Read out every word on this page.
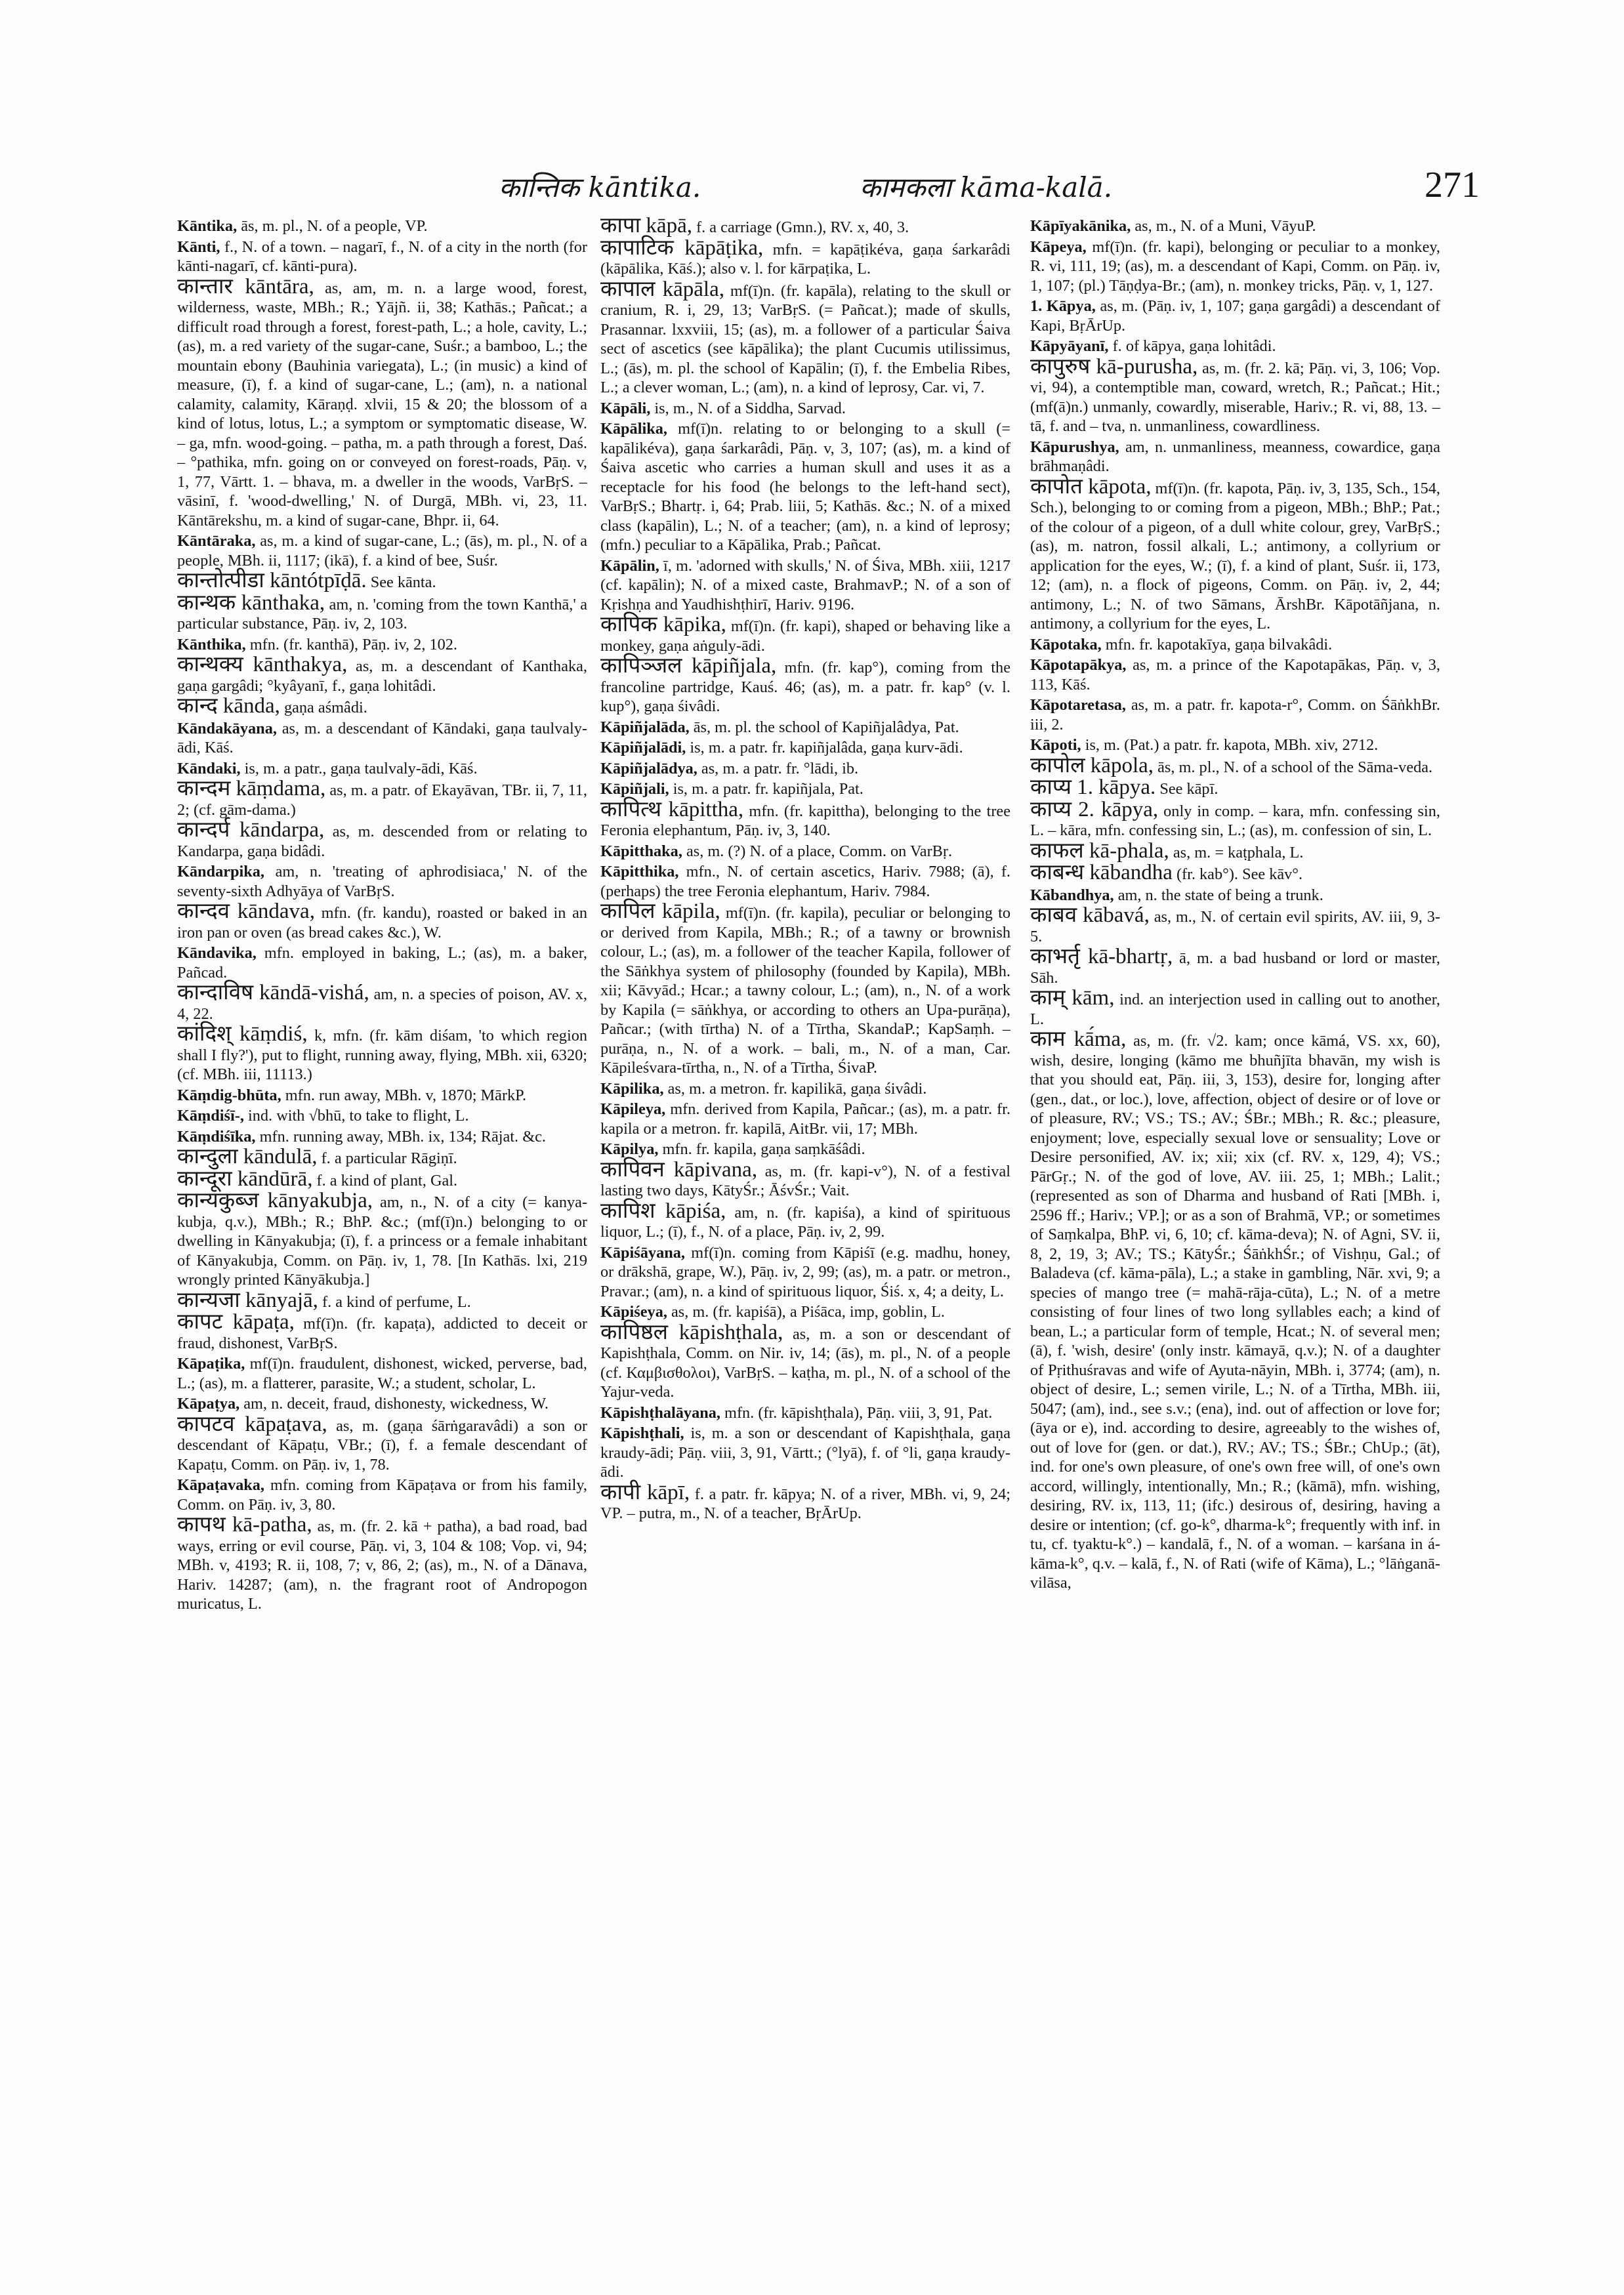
कान्तिक kāntika.	कामकला kāma-kalā.	271
Kāntika, ās, m. pl., N. of a people, VP.
Kānti, f., N. of a town. – nagarī, f., N. of a city in the north (for kānti-nagarī, cf. kānti-pura).
कान्तार kāntāra, as, am, m. n. a large wood, forest, wilderness, waste, MBh.; R.; Yājñ. ii, 38; Kathās.; Pañcat.; a difficult road through a forest, forest-path, L.; a hole, cavity, L.; (as), m. a red variety of the sugar-cane, Suśr.; a bamboo, L.; the mountain ebony (Bauhinia variegata), L.; (in music) a kind of measure, (ī), f. a kind of sugar-cane, L.; (am), n. a national calamity, calamity, Kāraṇḍ. xlvii, 15 & 20; the blossom of a kind of lotus, lotus, L.; a symptom or symptomatic disease, W. – ga, mfn. wood-going. – patha, m. a path through a forest, Daś. – °pathika, mfn. going on or conveyed on forest-roads, Pāṇ. v, 1, 77, Vārtt. 1. – bhava, m. a dweller in the woods, VarBṛS. – vāsinī, f. 'wood-dwelling,' N. of Durgā, MBh. vi, 23, 11. Kāntārekshu, m. a kind of sugar-cane, Bhpr. ii, 64.
Kāntāraka, as, m. a kind of sugar-cane, L.; (ās), m. pl., N. of a people, MBh. ii, 1117; (ikā), f. a kind of bee, Suśr.
कान्तोत्पीडा kāntótpīḍā. See kānta.
कान्थक kānthaka, am, n. 'coming from the town Kanthā,' a particular substance, Pāṇ. iv, 2, 103.
Kānthika, mfn. (fr. kanthā), Pāṇ. iv, 2, 102.
कान्थक्य kānthakya, as, m. a descendant of Kanthaka, gaṇa gargâdi; °kyâyanī, f., gaṇa lohitâdi.
कान्द kānda, gaṇa aśmâdi.
Kāndakāyana, as, m. a descendant of Kāndaki, gaṇa taulvaly-ādi, Kāś.
Kāndaki, is, m. a patr., gaṇa taulvaly-ādi, Kāś.
कान्दम kāṃdama, as, m. a patr. of Ekayāvan, TBr. ii, 7, 11, 2; (cf. gām-dama.)
कान्दर्प kāndarpa, as, m. descended from or relating to Kandarpa, gaṇa bidâdi.
Kāndarpika, am, n. 'treating of aphrodisiaca,' N. of the seventy-sixth Adhyāya of VarBṛS.
कान्दव kāndava, mfn. (fr. kandu), roasted or baked in an iron pan or oven (as bread cakes &c.), W.
Kāndavika, mfn. employed in baking, L.; (as), m. a baker, Pañcad.
कान्दाविष kāndā-vishá, am, n. a species of poison, AV. x, 4, 22.
कांदिश् kāṃdiś, k, mfn. (fr. kām diśam, 'to which region shall I fly?'), put to flight, running away, flying, MBh. xii, 6320; (cf. MBh. iii, 11113.)
Kāṃdig-bhūta, mfn. run away, MBh. v, 1870; MārkP.
Kāṃdiśī-, ind. with √bhū, to take to flight, L.
Kāṃdiśīka, mfn. running away, MBh. ix, 134; Rājat. &c.
कान्दुला kāndulā, f. a particular Rāgiṇī.
कान्दूरा kāndūrā, f. a kind of plant, Gal.
कान्यकुब्ज kānyakubja, am, n., N. of a city (= kanya-kubja, q.v.), MBh.; R.; BhP. &c.; (mf(ī)n.) belonging to or dwelling in Kānyakubja; (ī), f. a princess or a female inhabitant of Kānyakubja, Comm. on Pāṇ. iv, 1, 78. [In Kathās. lxi, 219 wrongly printed Kānyākubja.]
कान्यजा kānyajā, f. a kind of perfume, L.
कापट kāpaṭa, mf(ī)n. (fr. kapaṭa), addicted to deceit or fraud, dishonest, VarBṛS.
Kāpaṭika, mf(ī)n. fraudulent, dishonest, wicked, perverse, bad, L.; (as), m. a flatterer, parasite, W.; a student, scholar, L.
Kāpaṭya, am, n. deceit, fraud, dishonesty, wickedness, W.
कापटव kāpaṭava, as, m. (gaṇa śārṅgaravâdi) a son or descendant of Kāpaṭu, VBr.; (ī), f. a female descendant of Kapaṭu, Comm. on Pāṇ. iv, 1, 78.
Kāpaṭavaka, mfn. coming from Kāpaṭava or from his family, Comm. on Pāṇ. iv, 3, 80.
कापथ kā-patha, as, m. (fr. 2. kā + patha), a bad road, bad ways, erring or evil course, Pāṇ. vi, 3, 104 & 108; Vop. vi, 94; MBh. v, 4193; R. ii, 108, 7; v, 86, 2; (as), m., N. of a Dānava, Hariv. 14287; (am), n. the fragrant root of Andropogon muricatus, L.
कापा kāpā, f. a carriage (Gmn.), RV. x, 40, 3.
कापाटिक kāpāṭika, mfn. = kapāṭikéva, gaṇa śarkarâdi (kāpālika, Kāś.); also v. l. for kārpaṭika, L.
कापाल kāpāla, mf(ī)n. (fr. kapāla), relating to the skull or cranium, R. i, 29, 13; VarBṛS. (= Pañcat.); made of skulls, Prasannar. lxxviii, 15; (as), m. a follower of a particular Śaiva sect of ascetics (see kāpālika); the plant Cucumis utilissimus, L.; (ās), m. pl. the school of Kapālin; (ī), f. the Embelia Ribes, L.; a clever woman, L.; (am), n. a kind of leprosy, Car. vi, 7.
Kāpāli, is, m., N. of a Siddha, Sarvad.
Kāpālika, mf(ī)n. relating to or belonging to a skull (= kapālikéva), gaṇa śarkarâdi, Pāṇ. v, 3, 107; (as), m. a kind of Śaiva ascetic who carries a human skull and uses it as a receptacle for his food (he belongs to the left-hand sect), VarBṛS.; Bhartṛ. i, 64; Prab. liii, 5; Kathās. &c.; N. of a mixed class (kapālin), L.; N. of a teacher; (am), n. a kind of leprosy; (mfn.) peculiar to a Kāpālika, Prab.; Pañcat.
Kāpālin, ī, m. 'adorned with skulls,' N. of Śiva, MBh. xiii, 1217 (cf. kapālin); N. of a mixed caste, BrahmavP.; N. of a son of Kṛishṇa and Yaudhishṭhirī, Hariv. 9196.
कापिक kāpika, mf(ī)n. (fr. kapi), shaped or behaving like a monkey, gaṇa aṅguly-ādi.
कापिञ्जल kāpiñjala, mfn. (fr. kap°), coming from the francoline partridge, Kauś. 46; (as), m. a patr. fr. kap° (v. l. kup°), gaṇa śivâdi.
Kāpiñjalāda, ās, m. pl. the school of Kapiñjalâdya, Pat.
Kāpiñjalādi, is, m. a patr. fr. kapiñjalâda, gaṇa kurv-ādi.
Kāpiñjalādya, as, m. a patr. fr. °lādi, ib.
Kāpiñjali, is, m. a patr. fr. kapiñjala, Pat.
कापित्थ kāpittha, mfn. (fr. kapittha), belonging to the tree Feronia elephantum, Pāṇ. iv, 3, 140.
Kāpitthaka, as, m. (?) N. of a place, Comm. on VarBṛ.
Kāpitthika, mfn., N. of certain ascetics, Hariv. 7988; (ā), f. (perhaps) the tree Feronia elephantum, Hariv. 7984.
कापिल kāpila, mf(ī)n. (fr. kapila), peculiar or belonging to or derived from Kapila, MBh.; R.; of a tawny or brownish colour, L.; (as), m. a follower of the teacher Kapila, follower of the Sāṅkhya system of philosophy (founded by Kapila), MBh. xii; Kāvyād.; Hcar.; a tawny colour, L.; (am), n., N. of a work by Kapila (= sāṅkhya, or according to others an Upa-purāṇa), Pañcar.; (with tīrtha) N. of a Tīrtha, SkandaP.; KapSaṃh. – purāṇa, n., N. of a work. – bali, m., N. of a man, Car. Kāpileśvara-tīrtha, n., N. of a Tīrtha, ŚivaP.
Kāpilika, as, m. a metron. fr. kapilikā, gaṇa śivâdi.
Kāpileya, mfn. derived from Kapila, Pañcar.; (as), m. a patr. fr. kapila or a metron. fr. kapilā, AitBr. vii, 17; MBh.
Kāpilya, mfn. fr. kapila, gaṇa saṃkāśâdi.
कापिवन kāpivana, as, m. (fr. kapi-v°), N. of a festival lasting two days, KātyŚr.; ĀśvŚr.; Vait.
कापिश kāpiśa, am, n. (fr. kapiśa), a kind of spirituous liquor, L.; (ī), f., N. of a place, Pāṇ. iv, 2, 99.
Kāpiśāyana, mf(ī)n. coming from Kāpiśī (e.g. madhu, honey, or drākshā, grape, W.), Pāṇ. iv, 2, 99; (as), m. a patr. or metron., Pravar.; (am), n. a kind of spirituous liquor, Śiś. x, 4; a deity, L.
Kāpiśeya, as, m. (fr. kapiśā), a Piśāca, imp, goblin, L.
कापिष्ठल kāpishṭhala, as, m. a son or descendant of Kapishṭhala, Comm. on Nir. iv, 14; (ās), m. pl., N. of a people (cf. Καμβισθολοι), VarBṛS. – kaṭha, m. pl., N. of a school of the Yajur-veda.
Kāpishṭhalāyana, mfn. (fr. kāpishṭhala), Pāṇ. viii, 3, 91, Pat.
Kāpishṭhali, is, m. a son or descendant of Kapishṭhala, gaṇa kraudy-ādi; Pāṇ. viii, 3, 91, Vārtt.; (°lyā), f. of °li, gaṇa kraudy-ādi.
कापी kāpī, f. a patr. fr. kāpya; N. of a river, MBh. vi, 9, 24; VP. – putra, m., N. of a teacher, BṛĀrUp.
Kāpīyakānika, as, m., N. of a Muni, VāyuP.
Kāpeya, mf(ī)n. (fr. kapi), belonging or peculiar to a monkey, R. vi, 111, 19; (as), m. a descendant of Kapi, Comm. on Pāṇ. iv, 1, 107; (pl.) Tāṇḍya-Br.; (am), n. monkey tricks, Pāṇ. v, 1, 127.
1. Kāpya, as, m. (Pāṇ. iv, 1, 107; gaṇa gargâdi) a descendant of Kapi, BṛĀrUp.
Kāpyāyanī, f. of kāpya, gaṇa lohitâdi.
कापुरुष kā-purusha, as, m. (fr. 2. kā; Pāṇ. vi, 3, 106; Vop. vi, 94), a contemptible man, coward, wretch, R.; Pañcat.; Hit.; (mf(ā)n.) unmanly, cowardly, miserable, Hariv.; R. vi, 88, 13. – tā, f. and – tva, n. unmanliness, cowardliness.
Kāpurushya, am, n. unmanliness, meanness, cowardice, gaṇa brāhmaṇâdi.
कापोत kāpota, mf(ī)n. (fr. kapota, Pāṇ. iv, 3, 135, Sch., 154, Sch.), belonging to or coming from a pigeon, MBh.; BhP.; Pat.; of the colour of a pigeon, of a dull white colour, grey, VarBṛS.; (as), m. natron, fossil alkali, L.; antimony, a collyrium or application for the eyes, W.; (ī), f. a kind of plant, Suśr. ii, 173, 12; (am), n. a flock of pigeons, Comm. on Pāṇ. iv, 2, 44; antimony, L.; N. of two Sāmans, ĀrshBr. Kāpotāñjana, n. antimony, a collyrium for the eyes, L.
Kāpotaka, mfn. fr. kapotakīya, gaṇa bilvakâdi.
Kāpotapākya, as, m. a prince of the Kapotapākas, Pāṇ. v, 3, 113, Kāś.
Kāpotaretasa, as, m. a patr. fr. kapota-r°, Comm. on ŚāṅkhBr. iii, 2.
Kāpoti, is, m. (Pat.) a patr. fr. kapota, MBh. xiv, 2712.
कापोल kāpola, ās, m. pl., N. of a school of the Sāma-veda.
काप्य 1. kāpya. See kāpī.
काप्य 2. kāpya, only in comp. – kara, mfn. confessing sin, L. – kāra, mfn. confessing sin, L.; (as), m. confession of sin, L.
काफल kā-phala, as, m. = kaṭphala, L.
काबन्ध kābandha (fr. kab°). See kāv°.
Kābandhya, am, n. the state of being a trunk.
काबव kābavá, as, m., N. of certain evil spirits, AV. iii, 9, 3-5.
काभर्तृ kā-bhartṛ, ā, m. a bad husband or lord or master, Sāh.
काम् kām, ind. an interjection used in calling out to another, L.
काम kā́ma, as, m. (fr. √2. kam; once kāmá, VS. xx, 60), wish, desire, longing (kāmo me bhuñjīta bhavān, my wish is that you should eat, Pāṇ. iii, 3, 153), desire for, longing after (gen., dat., or loc.), love, affection, object of desire or of love or of pleasure, RV.; VS.; TS.; AV.; ŚBr.; MBh.; R. &c.; pleasure, enjoyment; love, especially sexual love or sensuality; Love or Desire personified, AV. ix; xii; xix (cf. RV. x, 129, 4); VS.; PārGṛ.; N. of the god of love, AV. iii. 25, 1; MBh.; Lalit.; (represented as son of Dharma and husband of Rati [MBh. i, 2596 ff.; Hariv.; VP.]; or as a son of Brahmā, VP.; or sometimes of Saṃkalpa, BhP. vi, 6, 10; cf. kāma-deva); N. of Agni, SV. ii, 8, 2, 19, 3; AV.; TS.; KātyŚr.; ŚāṅkhŚr.; of Vishṇu, Gal.; of Baladeva (cf. kāma-pāla), L.; a stake in gambling, Nār. xvi, 9; a species of mango tree (= mahā-rāja-cūta), L.; N. of a metre consisting of four lines of two long syllables each; a kind of bean, L.; a particular form of temple, Hcat.; N. of several men; (ā), f. 'wish, desire' (only instr. kāmayā, q.v.); N. of a daughter of Pṛithuśravas and wife of Ayuta-nāyin, MBh. i, 3774; (am), n. object of desire, L.; semen virile, L.; N. of a Tīrtha, MBh. iii, 5047; (am), ind., see s.v.; (ena), ind. out of affection or love for; (āya or e), ind. according to desire, agreeably to the wishes of, out of love for (gen. or dat.), RV.; AV.; TS.; ŚBr.; ChUp.; (āt), ind. for one's own pleasure, of one's own free will, of one's own accord, willingly, intentionally, Mn.; R.; (kāmā), mfn. wishing, desiring, RV. ix, 113, 11; (ifc.) desirous of, desiring, having a desire or intention; (cf. go-k°, dharma-k°; frequently with inf. in tu, cf. tyaktu-k°.) – kandalā, f., N. of a woman. – karśana in á-kāma-k°, q.v. – kalā, f., N. of Rati (wife of Kāma), L.; °lāṅganā-vilāsa,
